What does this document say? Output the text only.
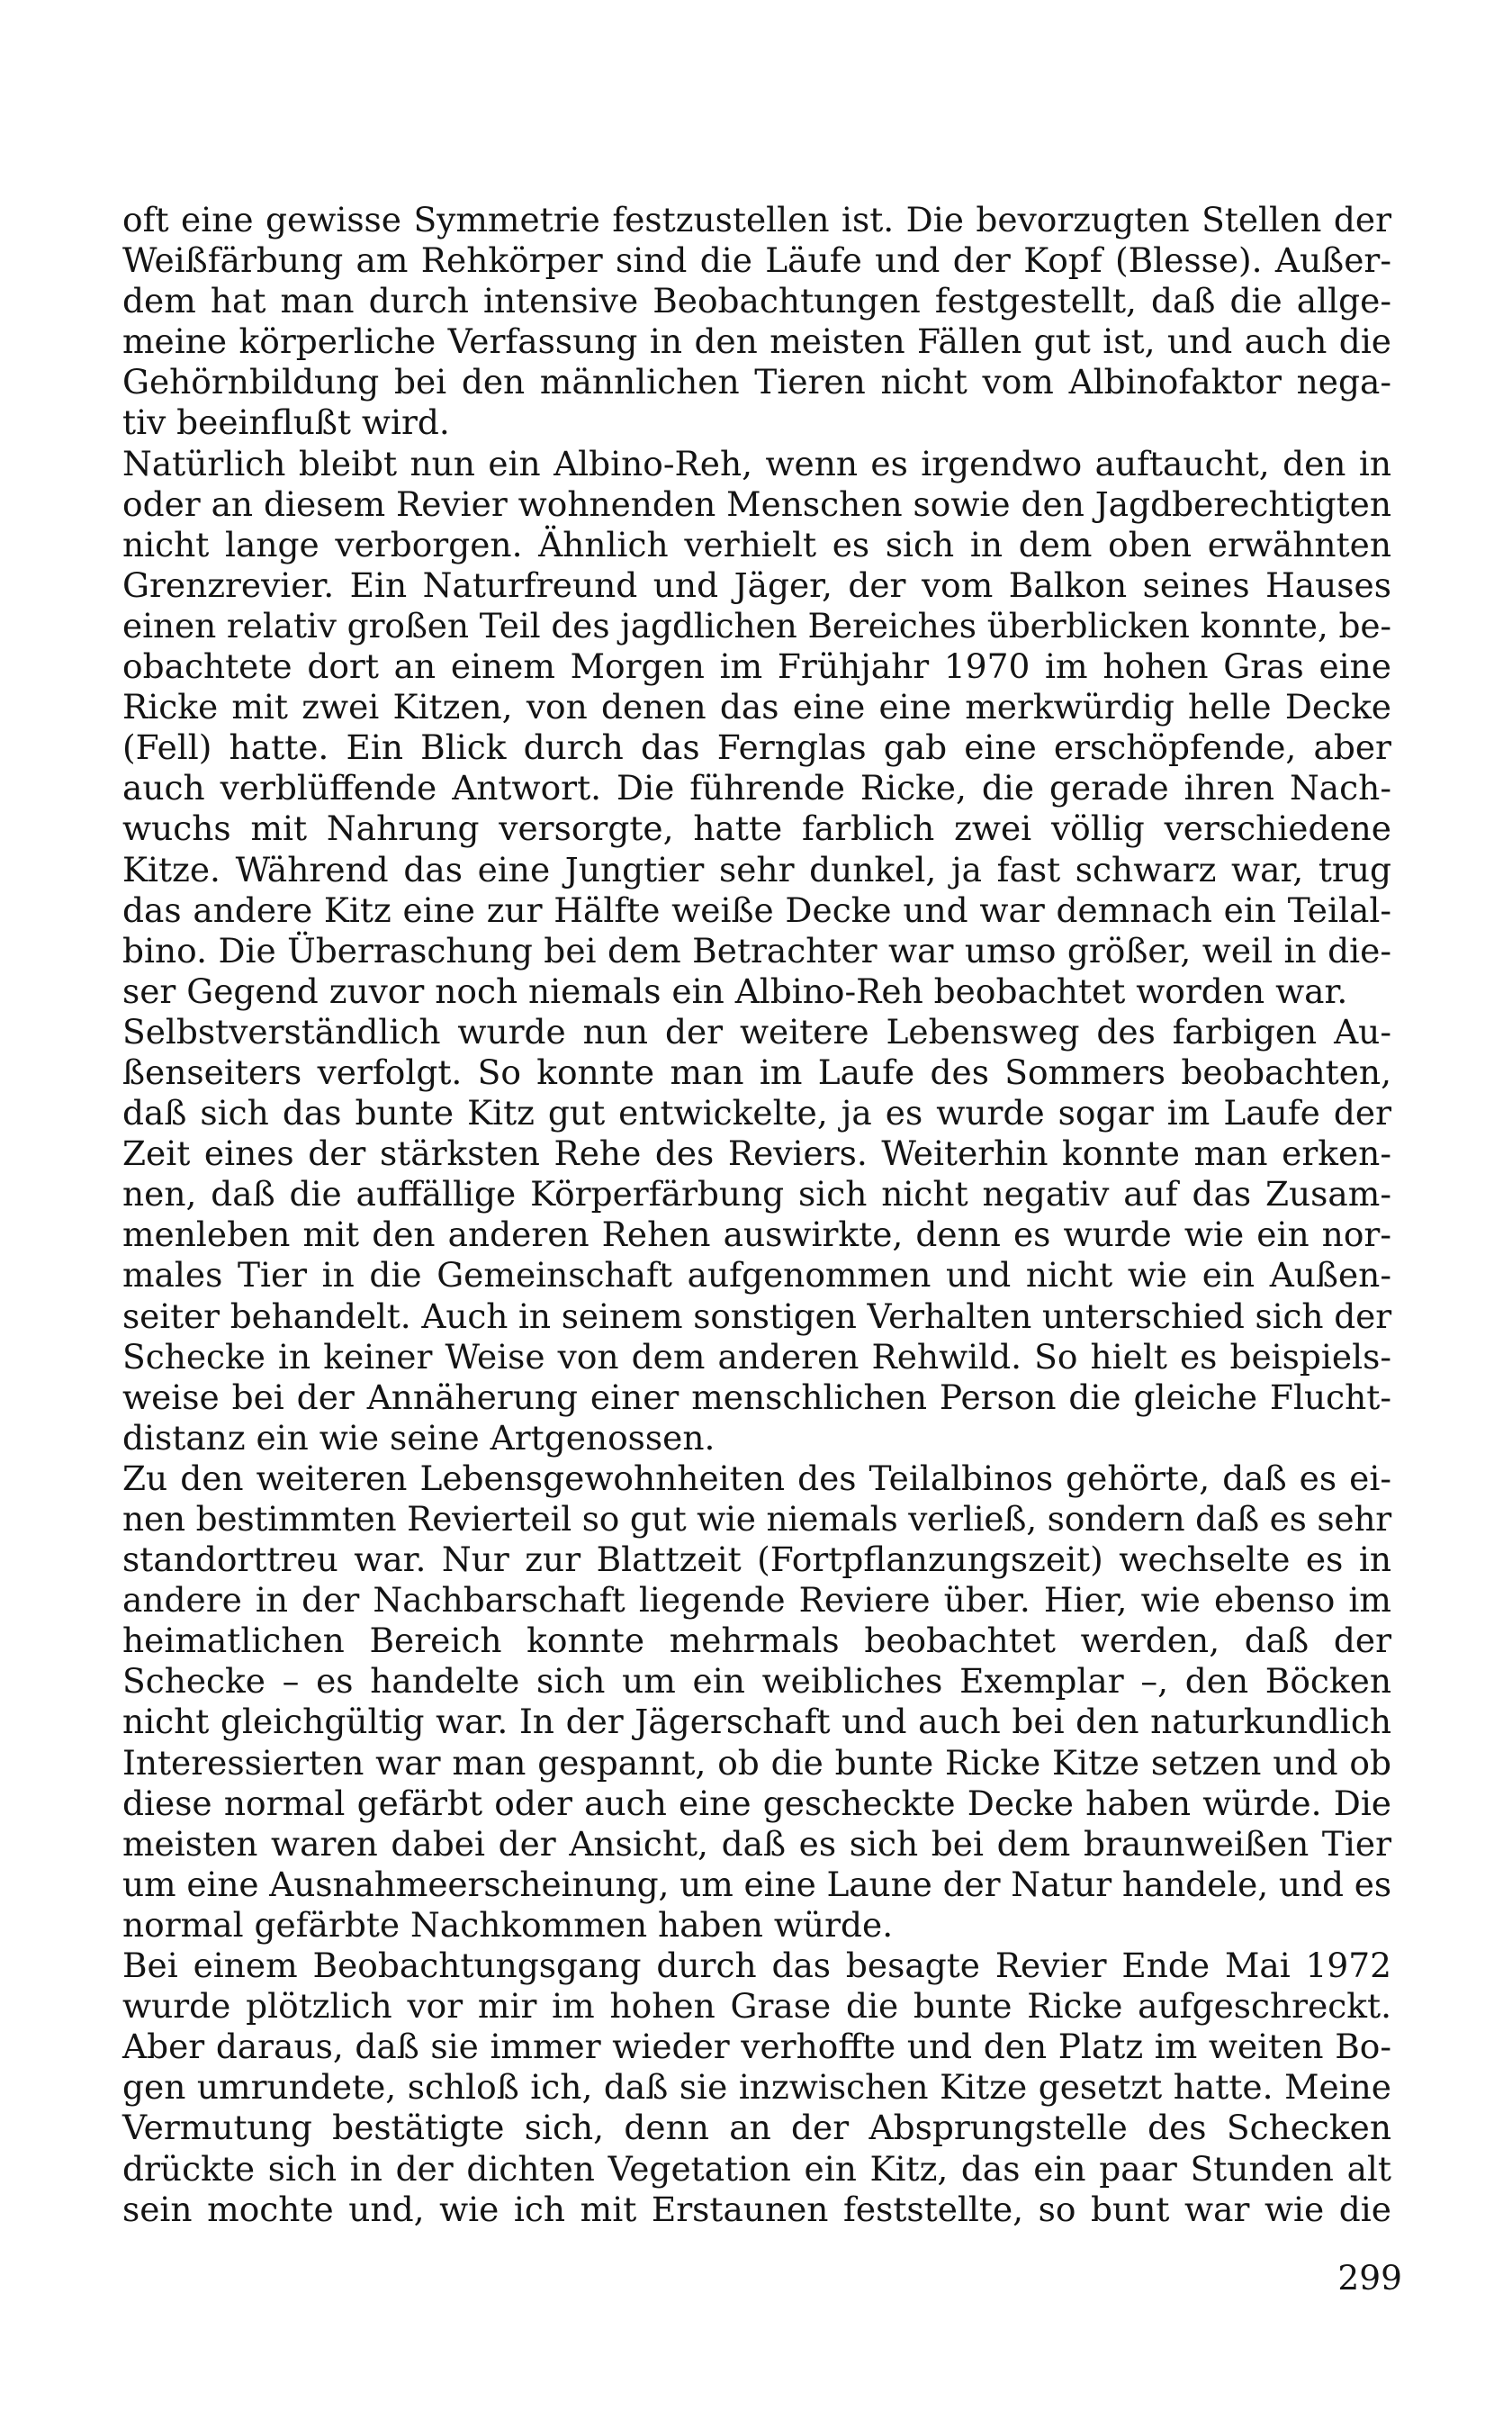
oft eine gewisse Symmetrie festzustellen ist. Die bevorzugten Stellen der
Weißfärbung am Rehkörper sind die Läufe und der Kopf (Blesse). Außer-
dem hat man durch intensive Beobachtungen festgestellt, daß die allge-
meine körperliche Verfassung in den meisten Fällen gut ist, und auch die
Gehörnbildung bei den männlichen Tieren nicht vom Albinofaktor nega-
tiv beeinflußt wird.
Natürlich bleibt nun ein Albino-Reh, wenn es irgendwo auftaucht, den in
oder an diesem Revier wohnenden Menschen sowie den Jagdberechtigten
nicht lange verborgen. Ähnlich verhielt es sich in dem oben erwähnten
Grenzrevier. Ein Naturfreund und Jäger, der vom Balkon seines Hauses
einen relativ großen Teil des jagdlichen Bereiches überblicken konnte, be-
obachtete dort an einem Morgen im Frühjahr 1970 im hohen Gras eine
Ricke mit zwei Kitzen, von denen das eine eine merkwürdig helle Decke
(Fell) hatte. Ein Blick durch das Fernglas gab eine erschöpfende, aber
auch verblüffende Antwort. Die führende Ricke, die gerade ihren Nach-
wuchs mit Nahrung versorgte, hatte farblich zwei völlig verschiedene
Kitze. Während das eine Jungtier sehr dunkel, ja fast schwarz war, trug
das andere Kitz eine zur Hälfte weiße Decke und war demnach ein Teilal-
bino. Die Überraschung bei dem Betrachter war umso größer, weil in die-
ser Gegend zuvor noch niemals ein Albino-Reh beobachtet worden war.
Selbstverständlich wurde nun der weitere Lebensweg des farbigen Au-
ßenseiters verfolgt. So konnte man im Laufe des Sommers beobachten,
daß sich das bunte Kitz gut entwickelte, ja es wurde sogar im Laufe der
Zeit eines der stärksten Rehe des Reviers. Weiterhin konnte man erken-
nen, daß die auffällige Körperfärbung sich nicht negativ auf das Zusam-
menleben mit den anderen Rehen auswirkte, denn es wurde wie ein nor-
males Tier in die Gemeinschaft aufgenommen und nicht wie ein Außen-
seiter behandelt. Auch in seinem sonstigen Verhalten unterschied sich der
Schecke in keiner Weise von dem anderen Rehwild. So hielt es beispiels-
weise bei der Annäherung einer menschlichen Person die gleiche Flucht-
distanz ein wie seine Artgenossen.
Zu den weiteren Lebensgewohnheiten des Teilalbinos gehörte, daß es ei-
nen bestimmten Revierteil so gut wie niemals verließ, sondern daß es sehr
standorttreu war. Nur zur Blattzeit (Fortpflanzungszeit) wechselte es in
andere in der Nachbarschaft liegende Reviere über. Hier, wie ebenso im
heimatlichen Bereich konnte mehrmals beobachtet werden, daß der
Schecke – es handelte sich um ein weibliches Exemplar –, den Böcken
nicht gleichgültig war. In der Jägerschaft und auch bei den naturkundlich
Interessierten war man gespannt, ob die bunte Ricke Kitze setzen und ob
diese normal gefärbt oder auch eine gescheckte Decke haben würde. Die
meisten waren dabei der Ansicht, daß es sich bei dem braunweißen Tier
um eine Ausnahmeerscheinung, um eine Laune der Natur handele, und es
normal gefärbte Nachkommen haben würde.
Bei einem Beobachtungsgang durch das besagte Revier Ende Mai 1972
wurde plötzlich vor mir im hohen Grase die bunte Ricke aufgeschreckt.
Aber daraus, daß sie immer wieder verhoffte und den Platz im weiten Bo-
gen umrundete, schloß ich, daß sie inzwischen Kitze gesetzt hatte. Meine
Vermutung bestätigte sich, denn an der Absprungstelle des Schecken
drückte sich in der dichten Vegetation ein Kitz, das ein paar Stunden alt
sein mochte und, wie ich mit Erstaunen feststellte, so bunt war wie die
299
